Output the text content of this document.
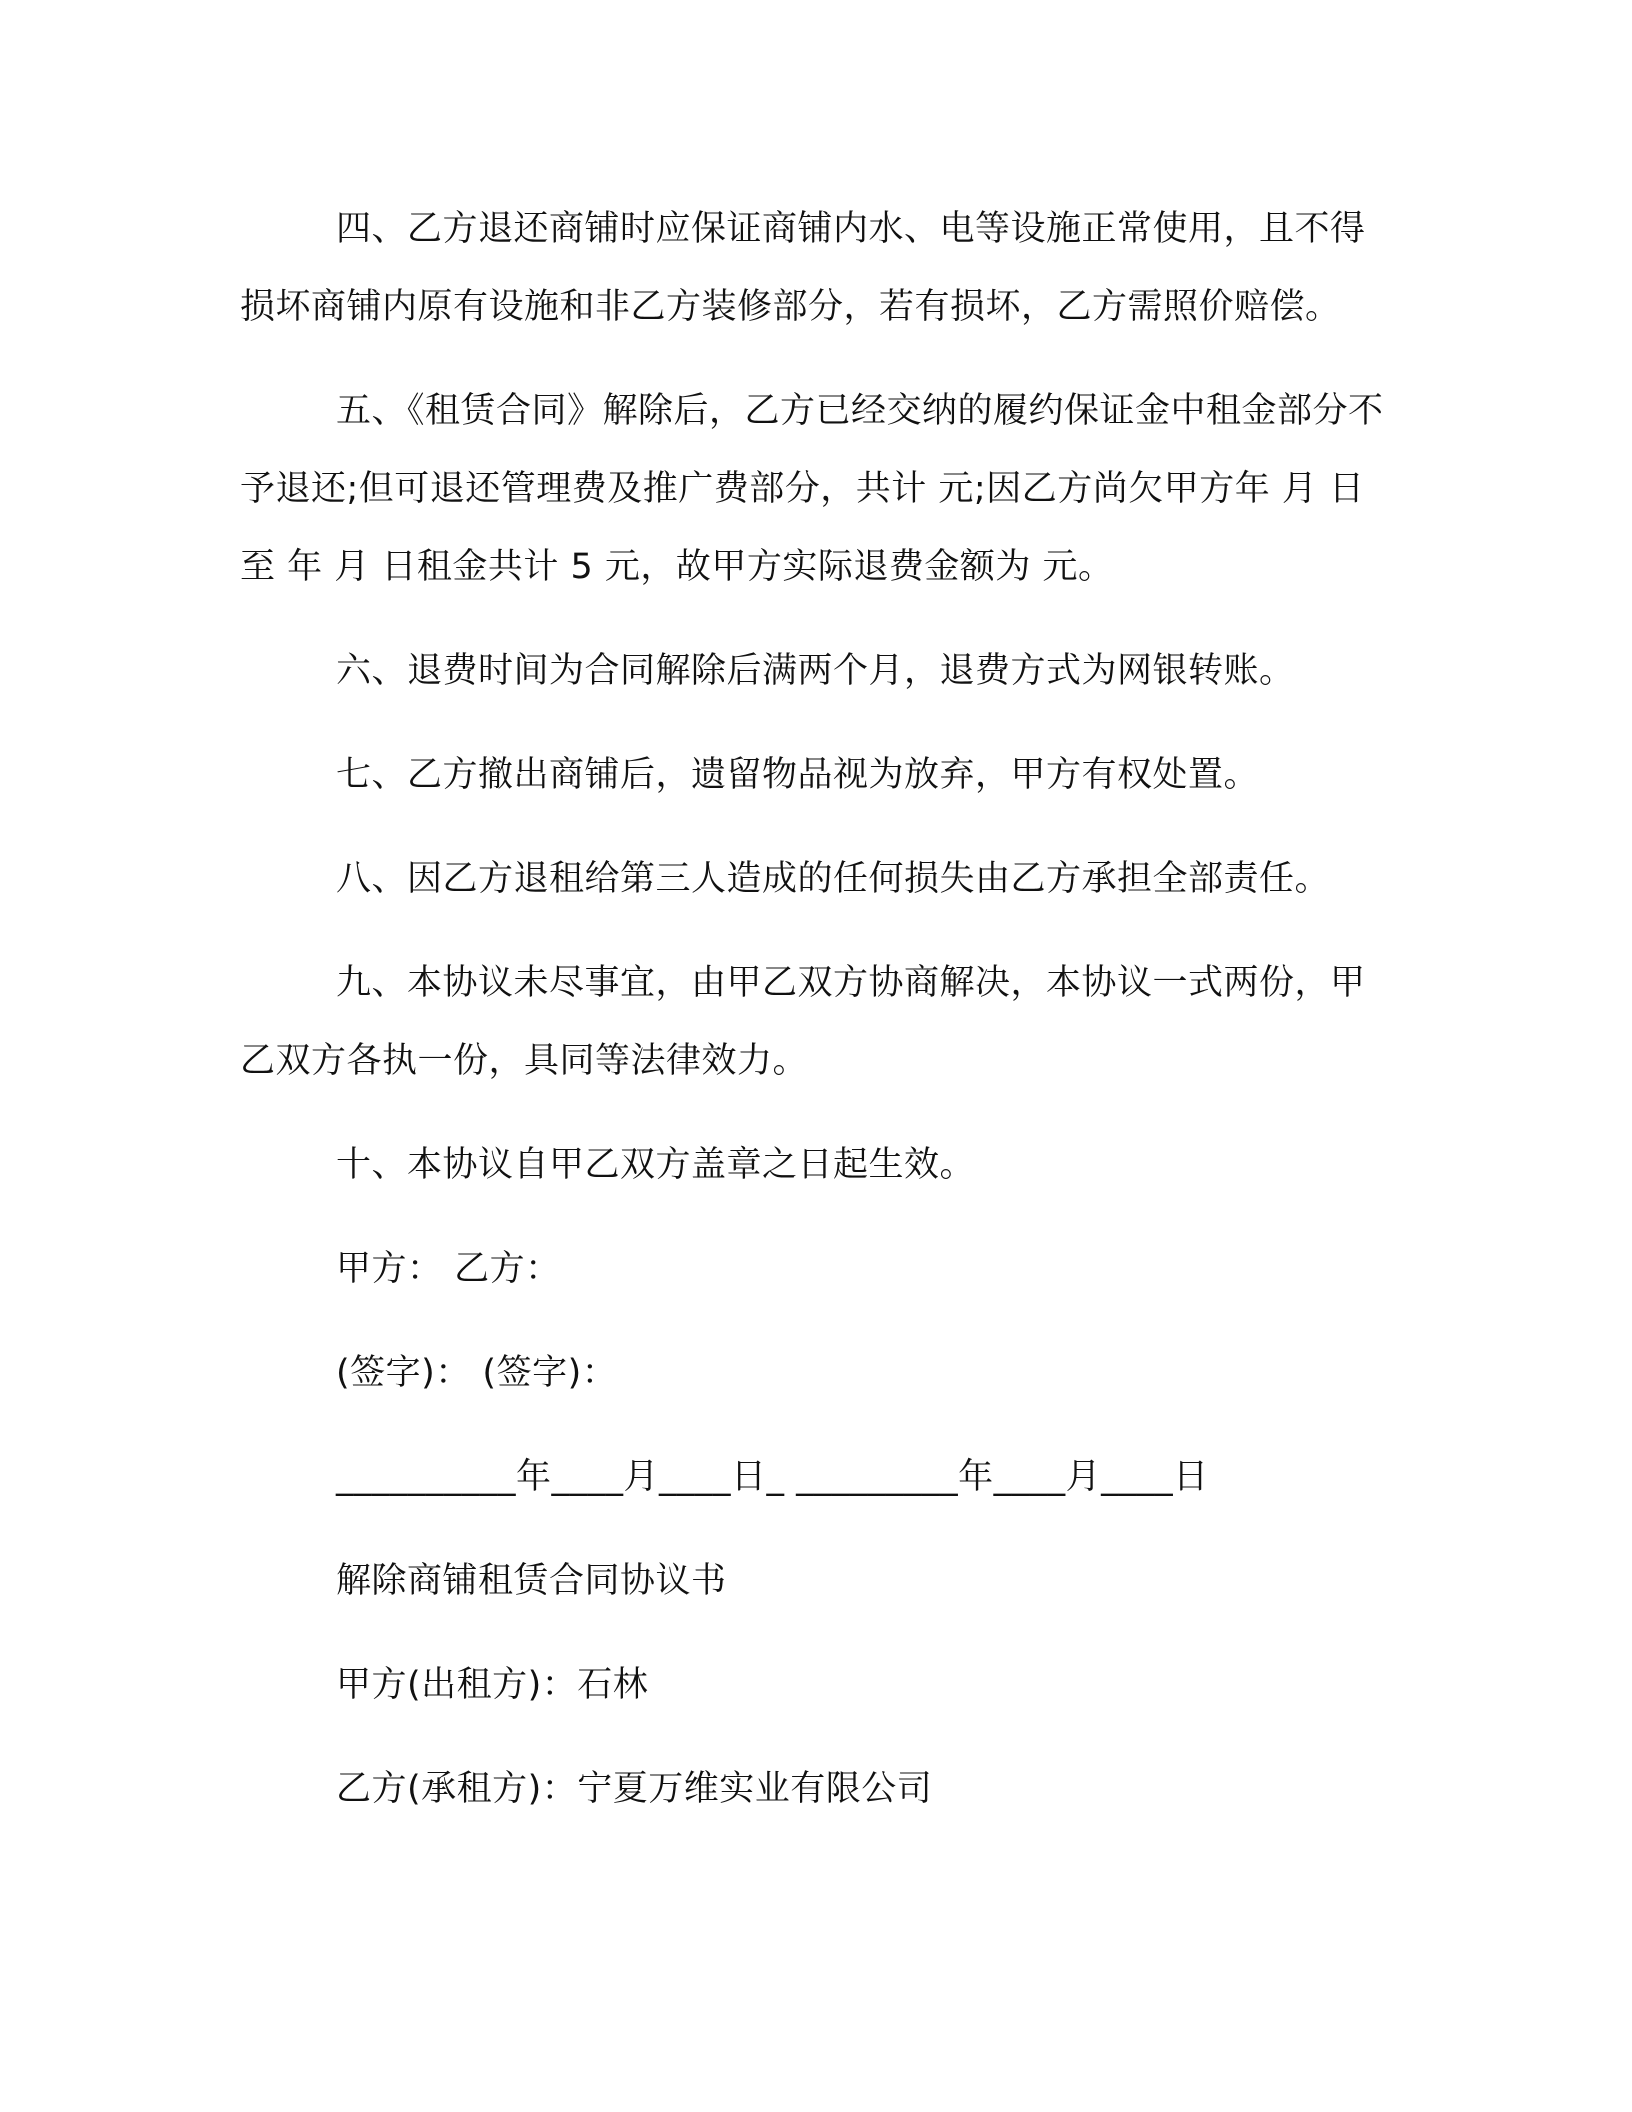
四、乙方退还商铺时应保证商铺内水、电等设施正常使用，且不得损坏商铺内原有设施和非乙方装修部分，若有损坏，乙方需照价赔偿。

五、《租赁合同》解除后，乙方已经交纳的履约保证金中租金部分不予退还;但可退还管理费及推广费部分，共计 元;因乙方尚欠甲方年 月 日至 年 月 日租金共计 5 元，故甲方实际退费金额为 元。

六、退费时间为合同解除后满两个月，退费方式为网银转账。

七、乙方撤出商铺后，遗留物品视为放弃，甲方有权处置。

八、因乙方退租给第三人造成的任何损失由乙方承担全部责任。

九、本协议未尽事宜，由甲乙双方协商解决，本协议一式两份，甲乙双方各执一份，具同等法律效力。

十、本协议自甲乙双方盖章之日起生效。

甲方： 乙方：

(签字)： (签字)：

__________年____月____日_ _________年____月____日

解除商铺租赁合同协议书

甲方(出租方)：石林

乙方(承租方)：宁夏万维实业有限公司
